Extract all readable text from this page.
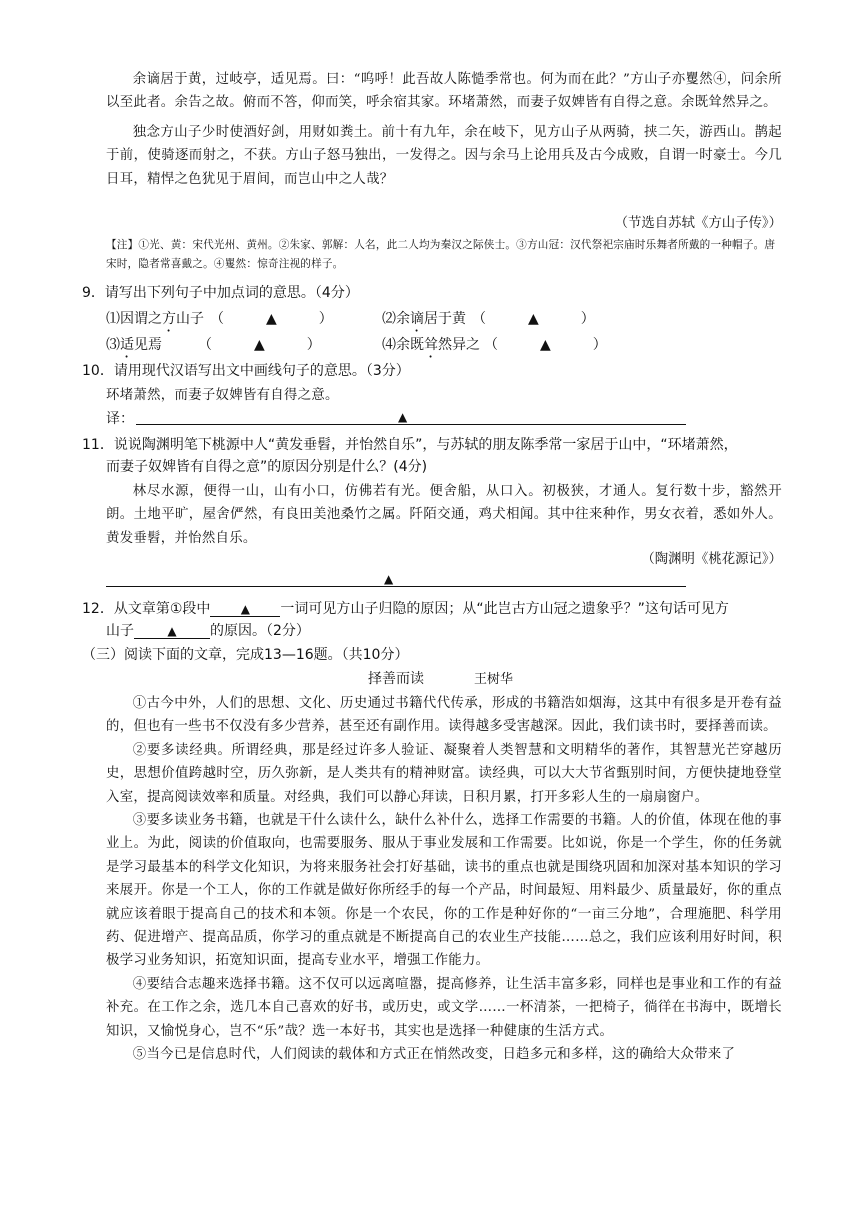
余谪居于黄，过岐亭，适见焉。曰：“呜呼！此吾故人陈慥季常也。何为而在此？”方山子亦矍然④，问余所以至此者。余告之故。俯而不答，仰而笑，呼余宿其家。环堵萧然，而妻子奴婢皆有自得之意。余既耸然异之。

独念方山子少时使酒好剑，用财如粪土。前十有九年，余在岐下，见方山子从两骑，挟二矢，游西山。鹊起于前，使骑逐而射之，不获。方山子怒马独出，一发得之。因与余马上论用兵及古今成败，自谓一时豪士。今几日耳，精悍之色犹见于眉间，而岂山中之人哉？

（节选自苏轼《方山子传》）
【注】①光、黄：宋代光州、黄州。②朱家、郭解：人名，此二人均为秦汉之际侠士。③方山冠：汉代祭祀宗庙时乐舞者所戴的一种帽子。唐宋时，隐者常喜戴之。④矍然：惊奇注视的样子。
9．请写出下列句子中加点词的意思。（4分）
⑴因谓之方山子 （　　　▲　　　）	⑵余谪居于黄 （　　　▲　　　）
⑶适见焉	（　　　▲　　　）	⑷余既耸然异之 （　　　▲　　　）
10．请用现代汉语写出文中画线句子的意思。（3分）
环堵萧然，而妻子奴婢皆有自得之意。
译：	▲
11．说说陶渊明笔下桃源中人“黄发垂髫，并怡然自乐”，与苏轼的朋友陈季常一家居于山中，“环堵萧然，
而妻子奴婢皆有自得之意”的原因分别是什么？(4分)

林尽水源，便得一山，山有小口，仿佛若有光。便舍船，从口入。初极狭，才通人。复行数十步，豁然开朗。土地平旷，屋舍俨然，有良田美池桑竹之属。阡陌交通，鸡犬相闻。其中往来种作，男女衣着，悉如外人。黄发垂髫，并怡然自乐。

（陶渊明《桃花源记》）
▲
12．从文章第①段中	▲ 一词可见方山子归隐的原因；从“此岂古方山冠之遗象乎？”这句话可见方
山子	▲ 的原因。（2分）
（三）阅读下面的文章，完成13—16题。（共10分）
择善而读	王树华

①古今中外，人们的思想、文化、历史通过书籍代代传承，形成的书籍浩如烟海，这其中有很多是开卷有益的，但也有一些书不仅没有多少营养，甚至还有副作用。读得越多受害越深。因此，我们读书时，要择善而读。

②要多读经典。所谓经典，那是经过许多人验证、凝聚着人类智慧和文明精华的著作，其智慧光芒穿越历史，思想价值跨越时空，历久弥新，是人类共有的精神财富。读经典，可以大大节省甄别时间，方便快捷地登堂入室，提高阅读效率和质量。对经典，我们可以静心拜读，日积月累，打开多彩人生的一扇扇窗户。

③要多读业务书籍，也就是干什么读什么，缺什么补什么，选择工作需要的书籍。人的价值，体现在他的事业上。为此，阅读的价值取向，也需要服务、服从于事业发展和工作需要。比如说，你是一个学生，你的任务就是学习最基本的科学文化知识，为将来服务社会打好基础，读书的重点也就是围绕巩固和加深对基本知识的学习来展开。你是一个工人，你的工作就是做好你所经手的每一个产品，时间最短、用料最少、质量最好，你的重点就应该着眼于提高自己的技术和本领。你是一个农民，你的工作是种好你的“一亩三分地”，合理施肥、科学用药、促进增产、提高品质，你学习的重点就是不断提高自己的农业生产技能……总之，我们应该利用好时间，积极学习业务知识，拓宽知识面，提高专业水平，增强工作能力。

④要结合志趣来选择书籍。这不仅可以远离喧嚣，提高修养，让生活丰富多彩，同样也是事业和工作的有益补充。在工作之余，选几本自己喜欢的好书，或历史，或文学……一杯清茶，一把椅子，徜徉在书海中，既增长知识，又愉悦身心，岂不“乐”哉？选一本好书，其实也是选择一种健康的生活方式。

⑤当今已是信息时代，人们阅读的载体和方式正在悄然改变，日趋多元和多样，这的确给大众带来了
